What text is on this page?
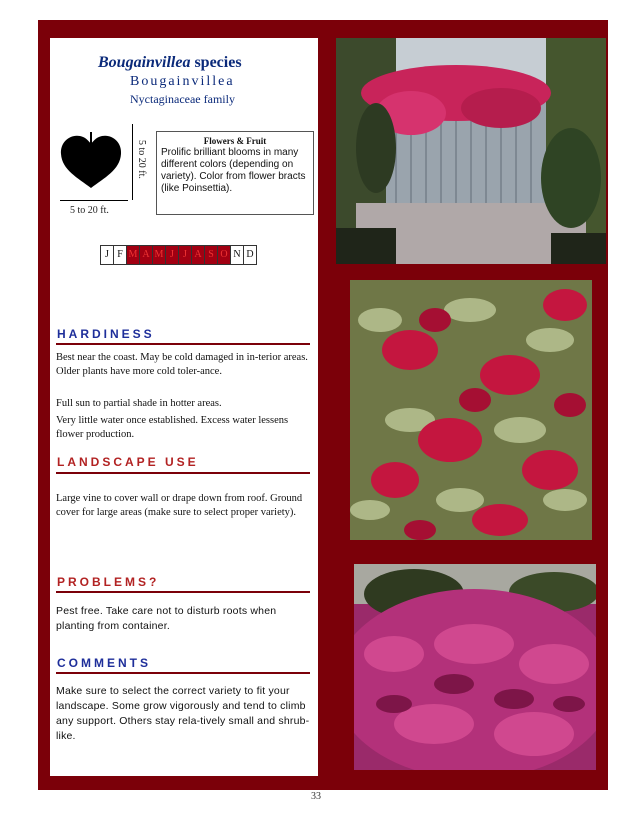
Bougainvillea species
Bougainvillea
Nyctaginaceae family
5 to 20 ft.
5 to 20 ft.
Flowers & Fruit
Prolific brilliant blooms in many different colors (depending on variety). Color from flower bracts (like Poinsettia).
J F M A M J J A S O N D
HARDINESS
Best near the coast. May be cold damaged in in-terior areas. Older plants have more cold toler-ance.
Full sun to partial shade in hotter areas.
Very little water once established. Excess water lessens flower production.
LANDSCAPE USE
Large vine to cover wall or drape down from roof. Ground cover for large areas (make sure to select proper variety).
PROBLEMS?
Pest free. Take care not to disturb roots when planting from container.
COMMENTS
Make sure to select the correct variety to fit your landscape. Some grow vigorously and tend to climb any support. Others stay rela-tively small and shrub-like.
33
